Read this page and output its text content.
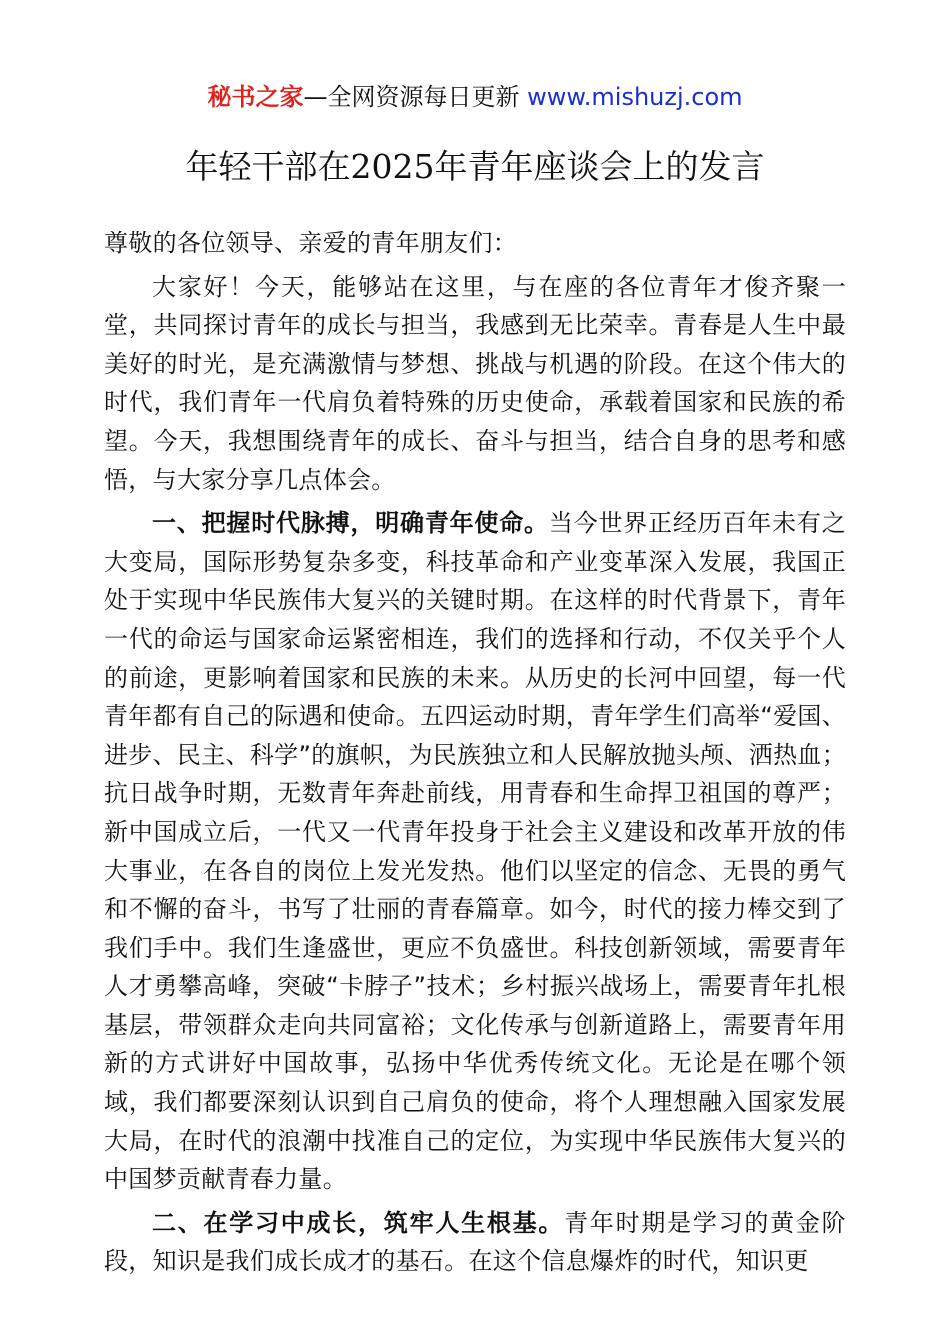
秘书之家—全网资源每日更新 www.mishuzj.com
年轻干部在2025年青年座谈会上的发言

尊敬的各位领导、亲爱的青年朋友们：

大家好！今天，能够站在这里，与在座的各位青年才俊齐聚一堂，共同探讨青年的成长与担当，我感到无比荣幸。青春是人生中最美好的时光，是充满激情与梦想、挑战与机遇的阶段。在这个伟大的时代，我们青年一代肩负着特殊的历史使命，承载着国家和民族的希望。今天，我想围绕青年的成长、奋斗与担当，结合自身的思考和感悟，与大家分享几点体会。

一、把握时代脉搏，明确青年使命。当今世界正经历百年未有之大变局，国际形势复杂多变，科技革命和产业变革深入发展，我国正处于实现中华民族伟大复兴的关键时期。在这样的时代背景下，青年一代的命运与国家命运紧密相连，我们的选择和行动，不仅关乎个人的前途，更影响着国家和民族的未来。从历史的长河中回望，每一代青年都有自己的际遇和使命。五四运动时期，青年学生们高举“爱国、进步、民主、科学”的旗帜，为民族独立和人民解放抛头颅、洒热血；抗日战争时期，无数青年奔赴前线，用青春和生命捍卫祖国的尊严；新中国成立后，一代又一代青年投身于社会主义建设和改革开放的伟大事业，在各自的岗位上发光发热。他们以坚定的信念、无畏的勇气和不懈的奋斗，书写了壮丽的青春篇章。如今，时代的接力棒交到了我们手中。我们生逢盛世，更应不负盛世。科技创新领域，需要青年人才勇攀高峰，突破“卡脖子”技术；乡村振兴战场上，需要青年扎根基层，带领群众走向共同富裕；文化传承与创新道路上，需要青年用新的方式讲好中国故事，弘扬中华优秀传统文化。无论是在哪个领域，我们都要深刻认识到自己肩负的使命，将个人理想融入国家发展大局，在时代的浪潮中找准自己的定位，为实现中华民族伟大复兴的中国梦贡献青春力量。

二、在学习中成长，筑牢人生根基。青年时期是学习的黄金阶段，知识是我们成长成才的基石。在这个信息爆炸的时代，知识更
